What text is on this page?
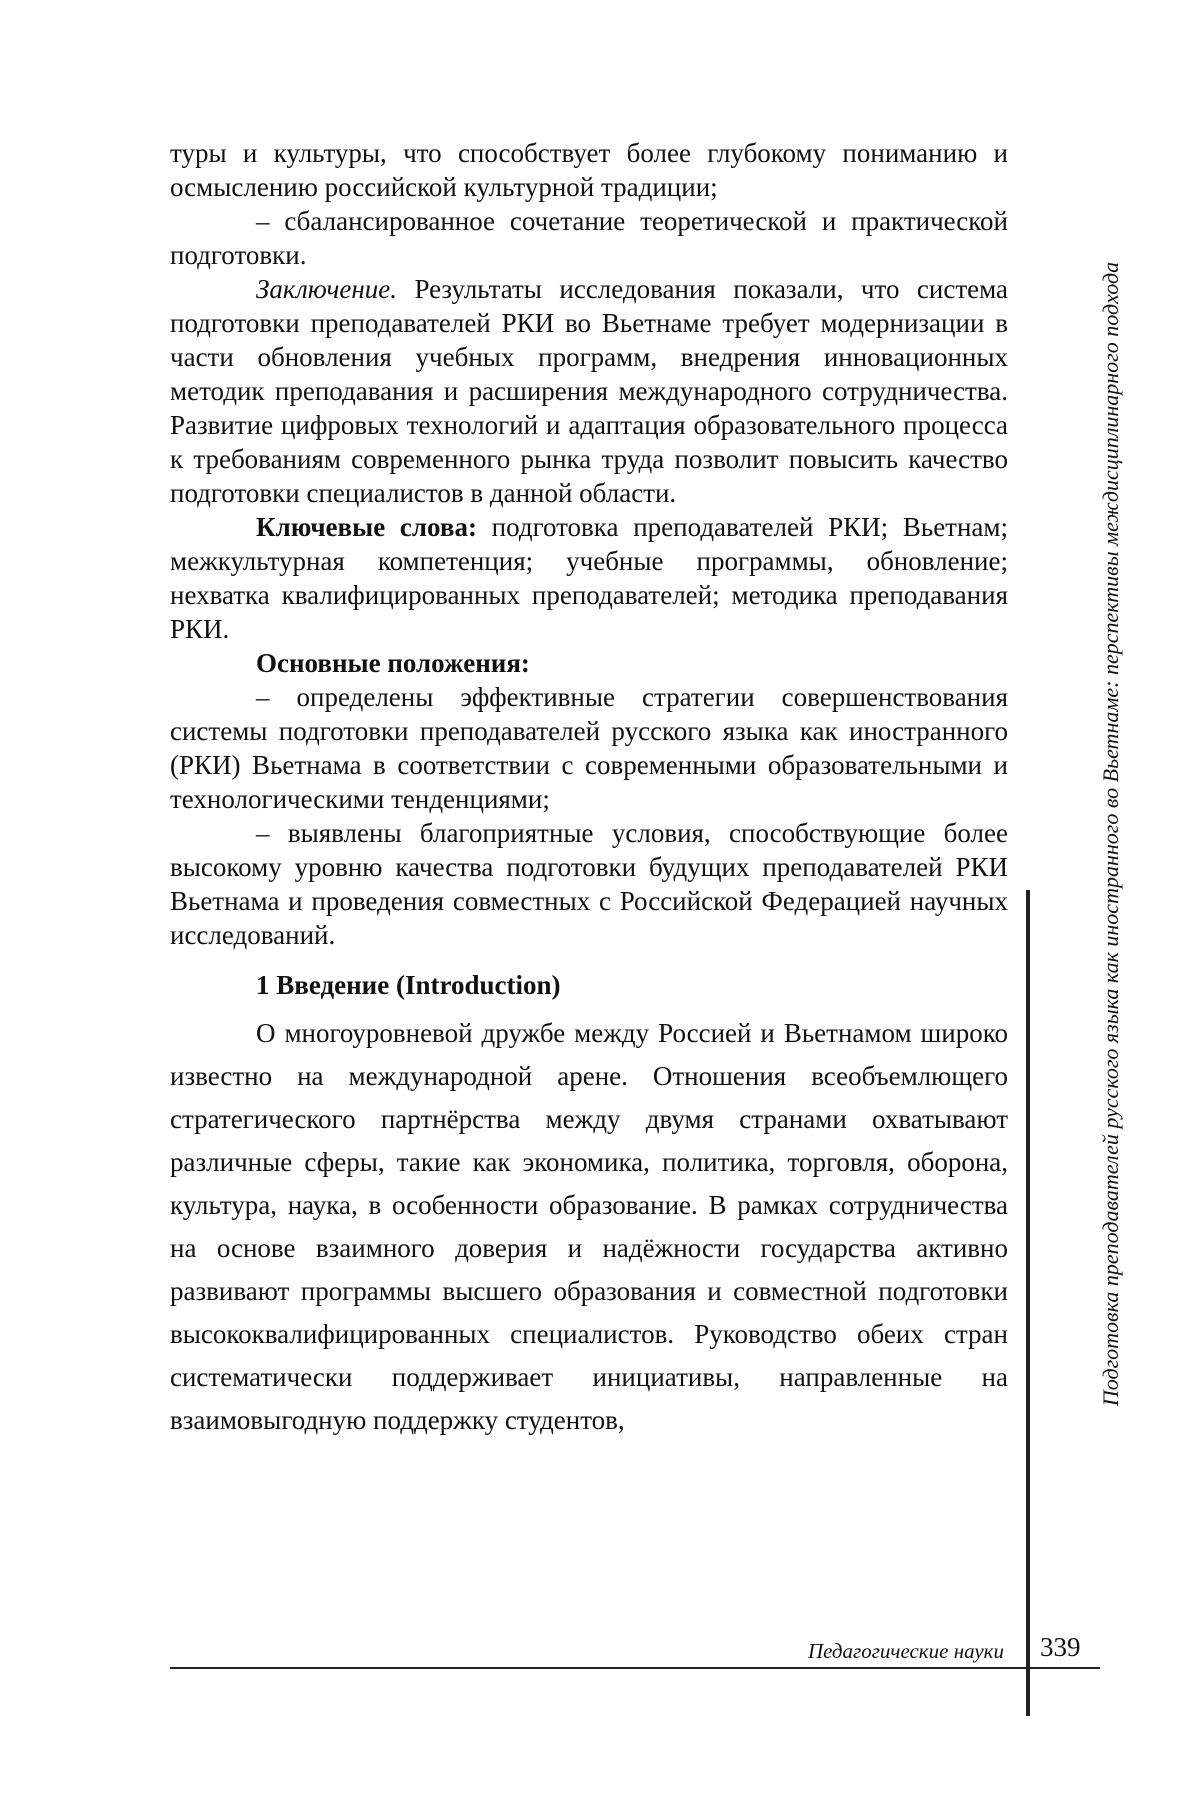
туры и культуры, что способствует более глубокому пониманию и осмыслению российской культурной традиции;

– сбалансированное сочетание теоретической и практической подготовки.

Заключение. Результаты исследования показали, что система подготовки преподавателей РКИ во Вьетнаме требует модернизации в части обновления учебных программ, внедрения инновационных методик преподавания и расширения международного сотрудничества. Развитие цифровых технологий и адаптация образовательного процесса к требованиям современного рынка труда позволит повысить качество подготовки специалистов в данной области.

Ключевые слова: подготовка преподавателей РКИ; Вьетнам; межкультурная компетенция; учебные программы, обновление; нехватка квалифицированных преподавателей; методика преподавания РКИ.

Основные положения:

– определены эффективные стратегии совершенствования системы подготовки преподавателей русского языка как иностранного (РКИ) Вьетнама в соответствии с современными образовательными и технологическими тенденциями;

– выявлены благоприятные условия, способствующие более высокому уровню качества подготовки будущих преподавателей РКИ Вьетнама и проведения совместных с Российской Федерацией научных исследований.

1 Введение (Introduction)

О многоуровневой дружбе между Россией и Вьетнамом широко известно на международной арене. Отношения всеобъемлющего стратегического партнёрства между двумя странами охватывают различные сферы, такие как экономика, политика, торговля, оборона, культура, наука, в особенности образование. В рамках сотрудничества на основе взаимного доверия и надёжности государства активно развивают программы высшего образования и совместной подготовки высококвалифицированных специалистов. Руководство обеих стран систематически поддерживает инициативы, направленные на взаимовыгодную поддержку студентов,

Подготовка преподавателей русского языка как иностранного во Вьетнаме: перспективы междисциплинарного подхода
Педагогические науки 339
